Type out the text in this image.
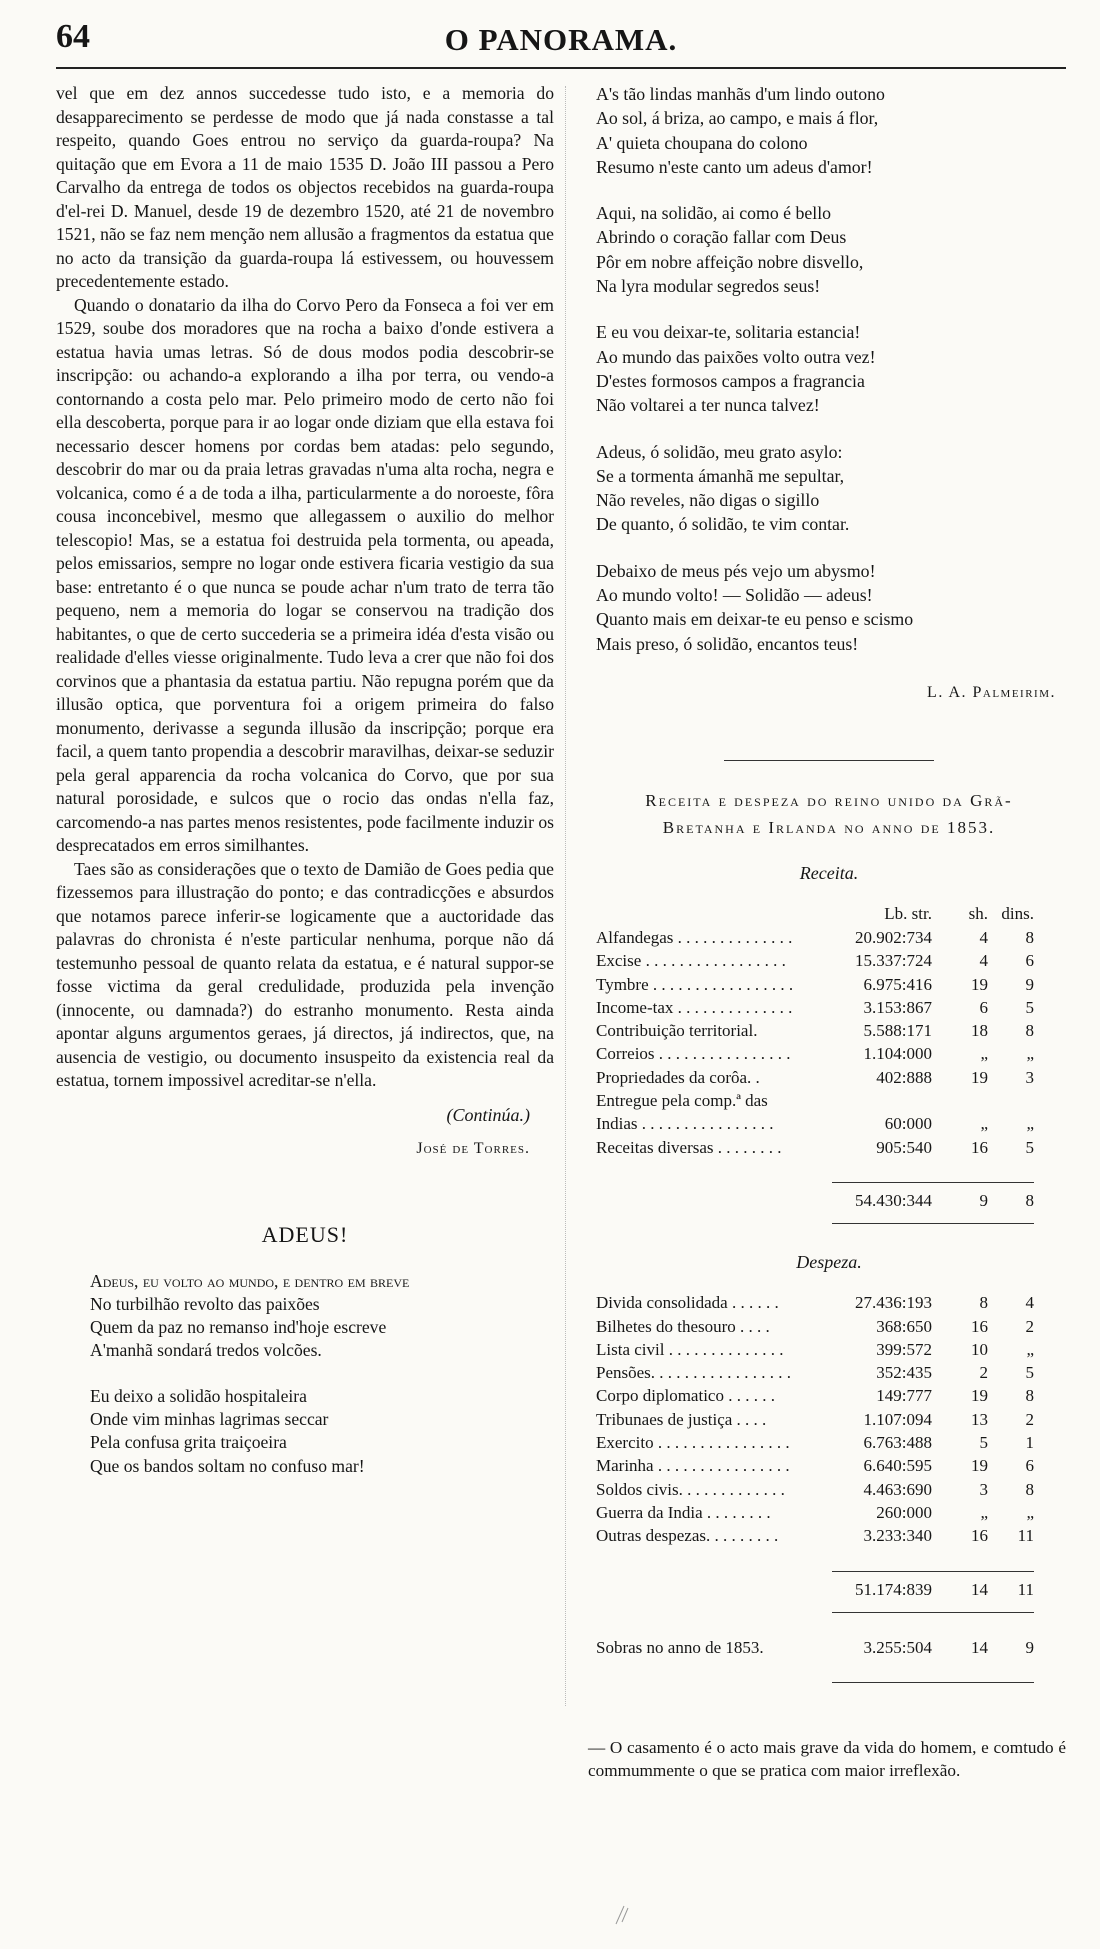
64	O PANORAMA.

vel que em dez annos succedesse tudo isto, e a memoria do desapparecimento se perdesse de modo que já nada constasse a tal respeito, quando Goes entrou no serviço da guarda-roupa? Na quitação que em Evora a 11 de maio 1535 D. João III passou a Pero Carvalho da entrega de todos os objectos recebidos na guarda-roupa d'el-rei D. Manuel, desde 19 de dezembro 1520, até 21 de novembro 1521, não se faz nem menção nem allusão a fragmentos da estatua que no acto da transição da guarda-roupa lá estivessem, ou houvessem precedentemente estado.

Quando o donatario da ilha do Corvo Pero da Fonseca a foi ver em 1529, soube dos moradores que na rocha a baixo d'onde estivera a estatua havia umas letras. Só de dous modos podia descobrir-se inscripção: ou achando-a explorando a ilha por terra, ou vendo-a contornando a costa pelo mar. Pelo primeiro modo de certo não foi ella descoberta, porque para ir ao logar onde diziam que ella estava foi necessario descer homens por cordas bem atadas: pelo segundo, descobrir do mar ou da praia letras gravadas n'uma alta rocha, negra e volcanica, como é a de toda a ilha, particularmente a do noroeste, fôra cousa inconcebivel, mesmo que allegassem o auxilio do melhor telescopio! Mas, se a estatua foi destruida pela tormenta, ou apeada, pelos emissarios, sempre no logar onde estivera ficaria vestigio da sua base: entretanto é o que nunca se poude achar n'um trato de terra tão pequeno, nem a memoria do logar se conservou na tradição dos habitantes, o que de certo succederia se a primeira idéa d'esta visão ou realidade d'elles viesse originalmente. Tudo leva a crer que não foi dos corvinos que a phantasia da estatua partiu. Não repugna porém que da illusão optica, que porventura foi a origem primeira do falso monumento, derivasse a segunda illusão da inscripção; porque era facil, a quem tanto propendia a descobrir maravilhas, deixar-se seduzir pela geral apparencia da rocha volcanica do Corvo, que por sua natural porosidade, e sulcos que o rocio das ondas n'ella faz, carcomendo-a nas partes menos resistentes, pode facilmente induzir os desprecatados em erros similhantes.

Taes são as considerações que o texto de Damião de Goes pedia que fizessemos para illustração do ponto; e das contradicções e absurdos que notamos parece inferir-se logicamente que a auctoridade das palavras do chronista é n'este particular nenhuma, porque não dá testemunho pessoal de quanto relata da estatua, e é natural suppor-se fosse victima da geral credulidade, produzida pela invenção (innocente, ou damnada?) do estranho monumento. Resta ainda apontar alguns argumentos geraes, já directos, já indirectos, que, na ausencia de vestigio, ou documento insuspeito da existencia real da estatua, tornem impossivel acreditar-se n'ella.

(Continúa.)
José de Torres.
ADEUS!

Adeus, eu volto ao mundo, e dentro em breve

No turbilhão revolto das paixões

Quem da paz no remanso ind'hoje escreve

A'manhã sondará tredos volcões.

Eu deixo a solidão hospitaleira

Onde vim minhas lagrimas seccar

Pela confusa grita traiçoeira

Que os bandos soltam no confuso mar!

A's tão lindas manhãs d'um lindo outono

Ao sol, á briza, ao campo, e mais á flor,

A' quieta choupana do colono

Resumo n'este canto um adeus d'amor!

Aqui, na solidão, ai como é bello

Abrindo o coração fallar com Deus

Pôr em nobre affeição nobre disvello,

Na lyra modular segredos seus!

E eu vou deixar-te, solitaria estancia!

Ao mundo das paixões volto outra vez!

D'estes formosos campos a fragrancia

Não voltarei a ter nunca talvez!

Adeus, ó solidão, meu grato asylo:

Se a tormenta ámanhã me sepultar,

Não reveles, não digas o sigillo

De quanto, ó solidão, te vim contar.

Debaixo de meus pés vejo um abysmo!

Ao mundo volto! — Solidão — adeus!

Quanto mais em deixar-te eu penso e scismo

Mais preso, ó solidão, encantos teus!

L. A. Palmeirim.

Receita e despeza do reino unido da Grã-

Bretanha e Irlanda no anno de 1853.

Receita.
	Lb. str.	sh.	dins.
Alfandegas . . . . . . . . . . . . . .	20.902:734	4	8
Excise . . . . . . . . . . . . . . . . .	15.337:724	4	6
Tymbre . . . . . . . . . . . . . . . . .	6.975:416	19	9
Income-tax . . . . . . . . . . . . . .	3.153:867	6	5
Contribuição territorial.	5.588:171	18	8
Correios . . . . . . . . . . . . . . . .	1.104:000	„	„
Propriedades da corôa. .	402:888	19	3
Entregue pela comp.ª das			
Indias . . . . . . . . . . . . . . . .	60:000	„	„
Receitas diversas . . . . . . . .	905:540	16	5

	54.430:344	9	8
Despeza.
Divida consolidada . . . . . .	27.436:193	8	4
Bilhetes do thesouro . . . .	368:650	16	2
Lista civil . . . . . . . . . . . . . .	399:572	10	„
Pensões. . . . . . . . . . . . . . . . .	352:435	2	5
Corpo diplomatico . . . . . .	149:777	19	8
Tribunaes de justiça . . . .	1.107:094	13	2
Exercito . . . . . . . . . . . . . . . .	6.763:488	5	1
Marinha . . . . . . . . . . . . . . . .	6.640:595	19	6
Soldos civis. . . . . . . . . . . . .	4.463:690	3	8
Guerra da India . . . . . . . .	260:000	„	„
Outras despezas. . . . . . . . .	3.233:340	16	11

	51.174:839	14	11

Sobras no anno de 1853.	3.255:504	14	9

— O casamento é o acto mais grave da vida do homem, e comtudo é commummente o que se pratica com maior irreflexão.
